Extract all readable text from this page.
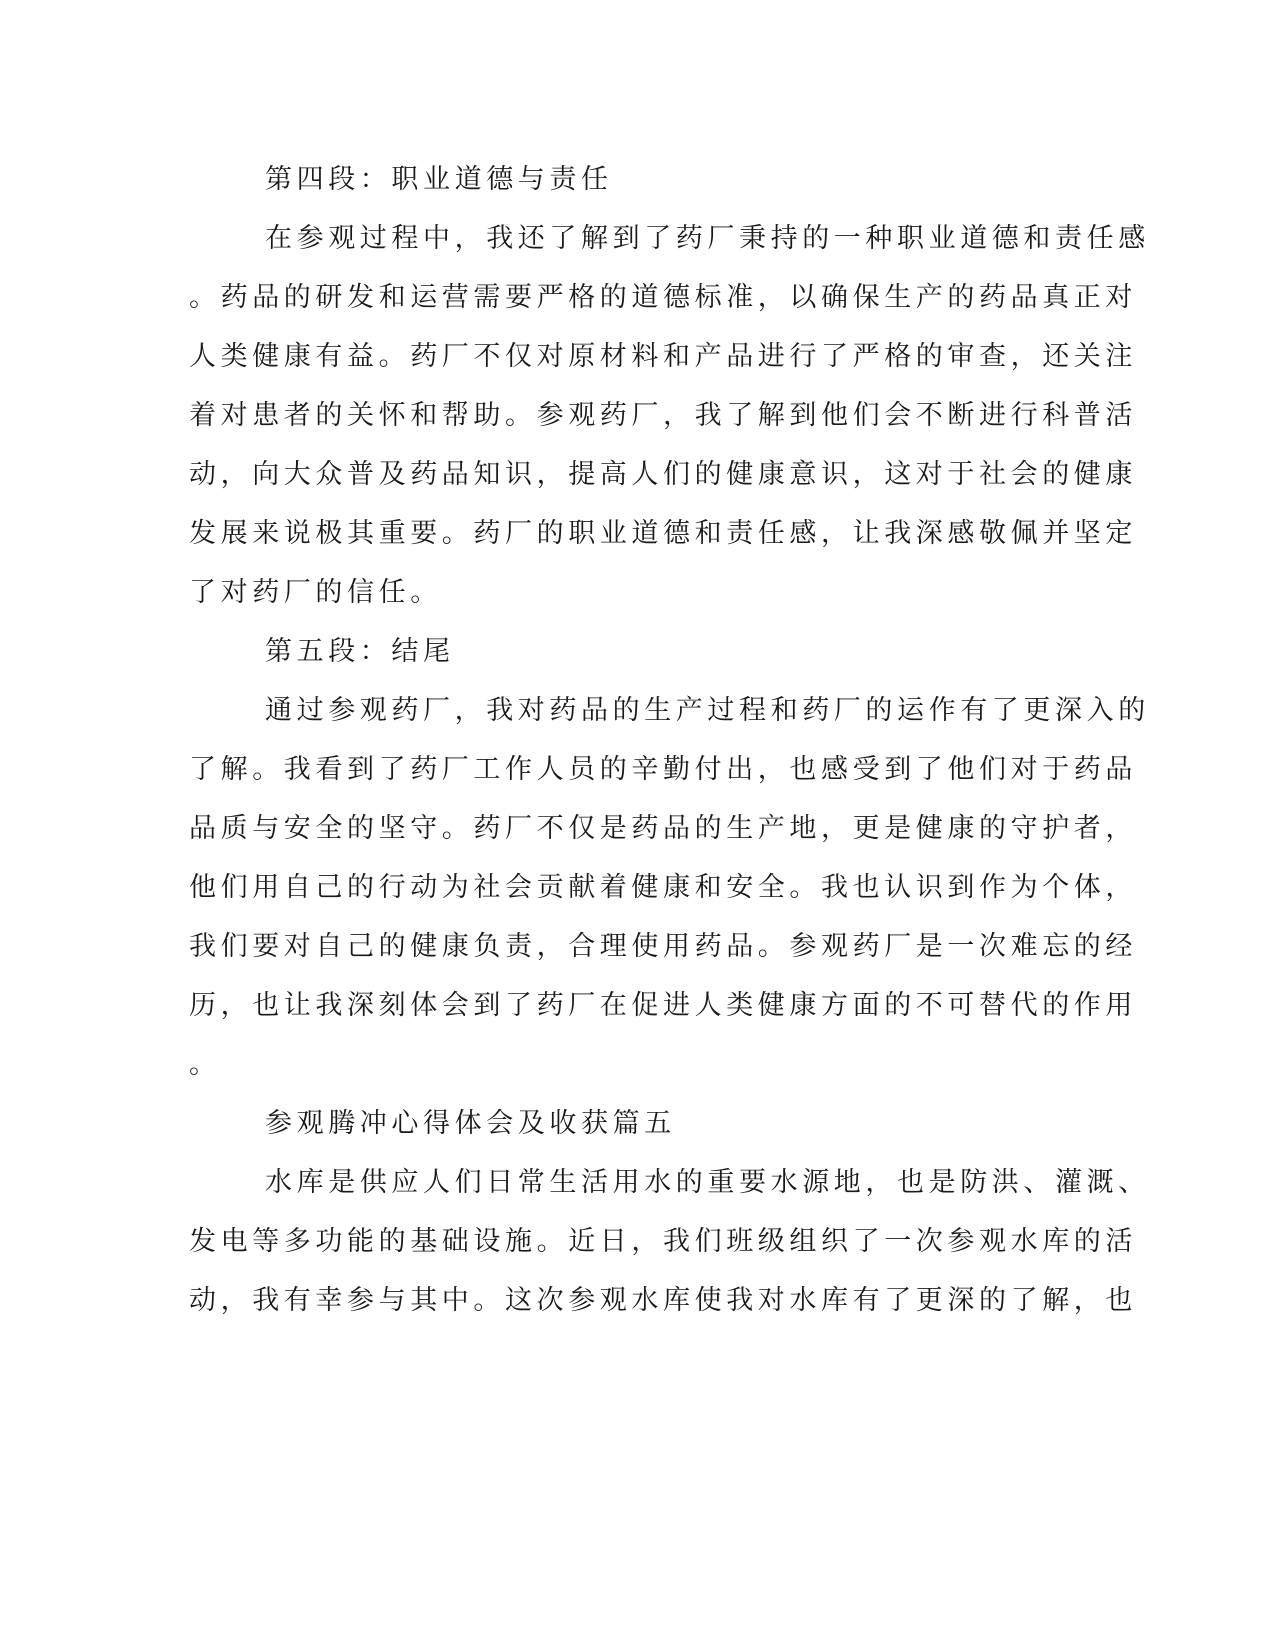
第四段：职业道德与责任
在参观过程中，我还了解到了药厂秉持的一种职业道德和责任感
。药品的研发和运营需要严格的道德标准，以确保生产的药品真正对
人类健康有益。药厂不仅对原材料和产品进行了严格的审查，还关注
着对患者的关怀和帮助。参观药厂，我了解到他们会不断进行科普活
动，向大众普及药品知识，提高人们的健康意识，这对于社会的健康
发展来说极其重要。药厂的职业道德和责任感，让我深感敬佩并坚定
了对药厂的信任。
第五段：结尾
通过参观药厂，我对药品的生产过程和药厂的运作有了更深入的
了解。我看到了药厂工作人员的辛勤付出，也感受到了他们对于药品
品质与安全的坚守。药厂不仅是药品的生产地，更是健康的守护者，
他们用自己的行动为社会贡献着健康和安全。我也认识到作为个体，
我们要对自己的健康负责，合理使用药品。参观药厂是一次难忘的经
历，也让我深刻体会到了药厂在促进人类健康方面的不可替代的作用
。
参观腾冲心得体会及收获篇五
水库是供应人们日常生活用水的重要水源地，也是防洪、灌溉、
发电等多功能的基础设施。近日，我们班级组织了一次参观水库的活
动，我有幸参与其中。这次参观水库使我对水库有了更深的了解，也
